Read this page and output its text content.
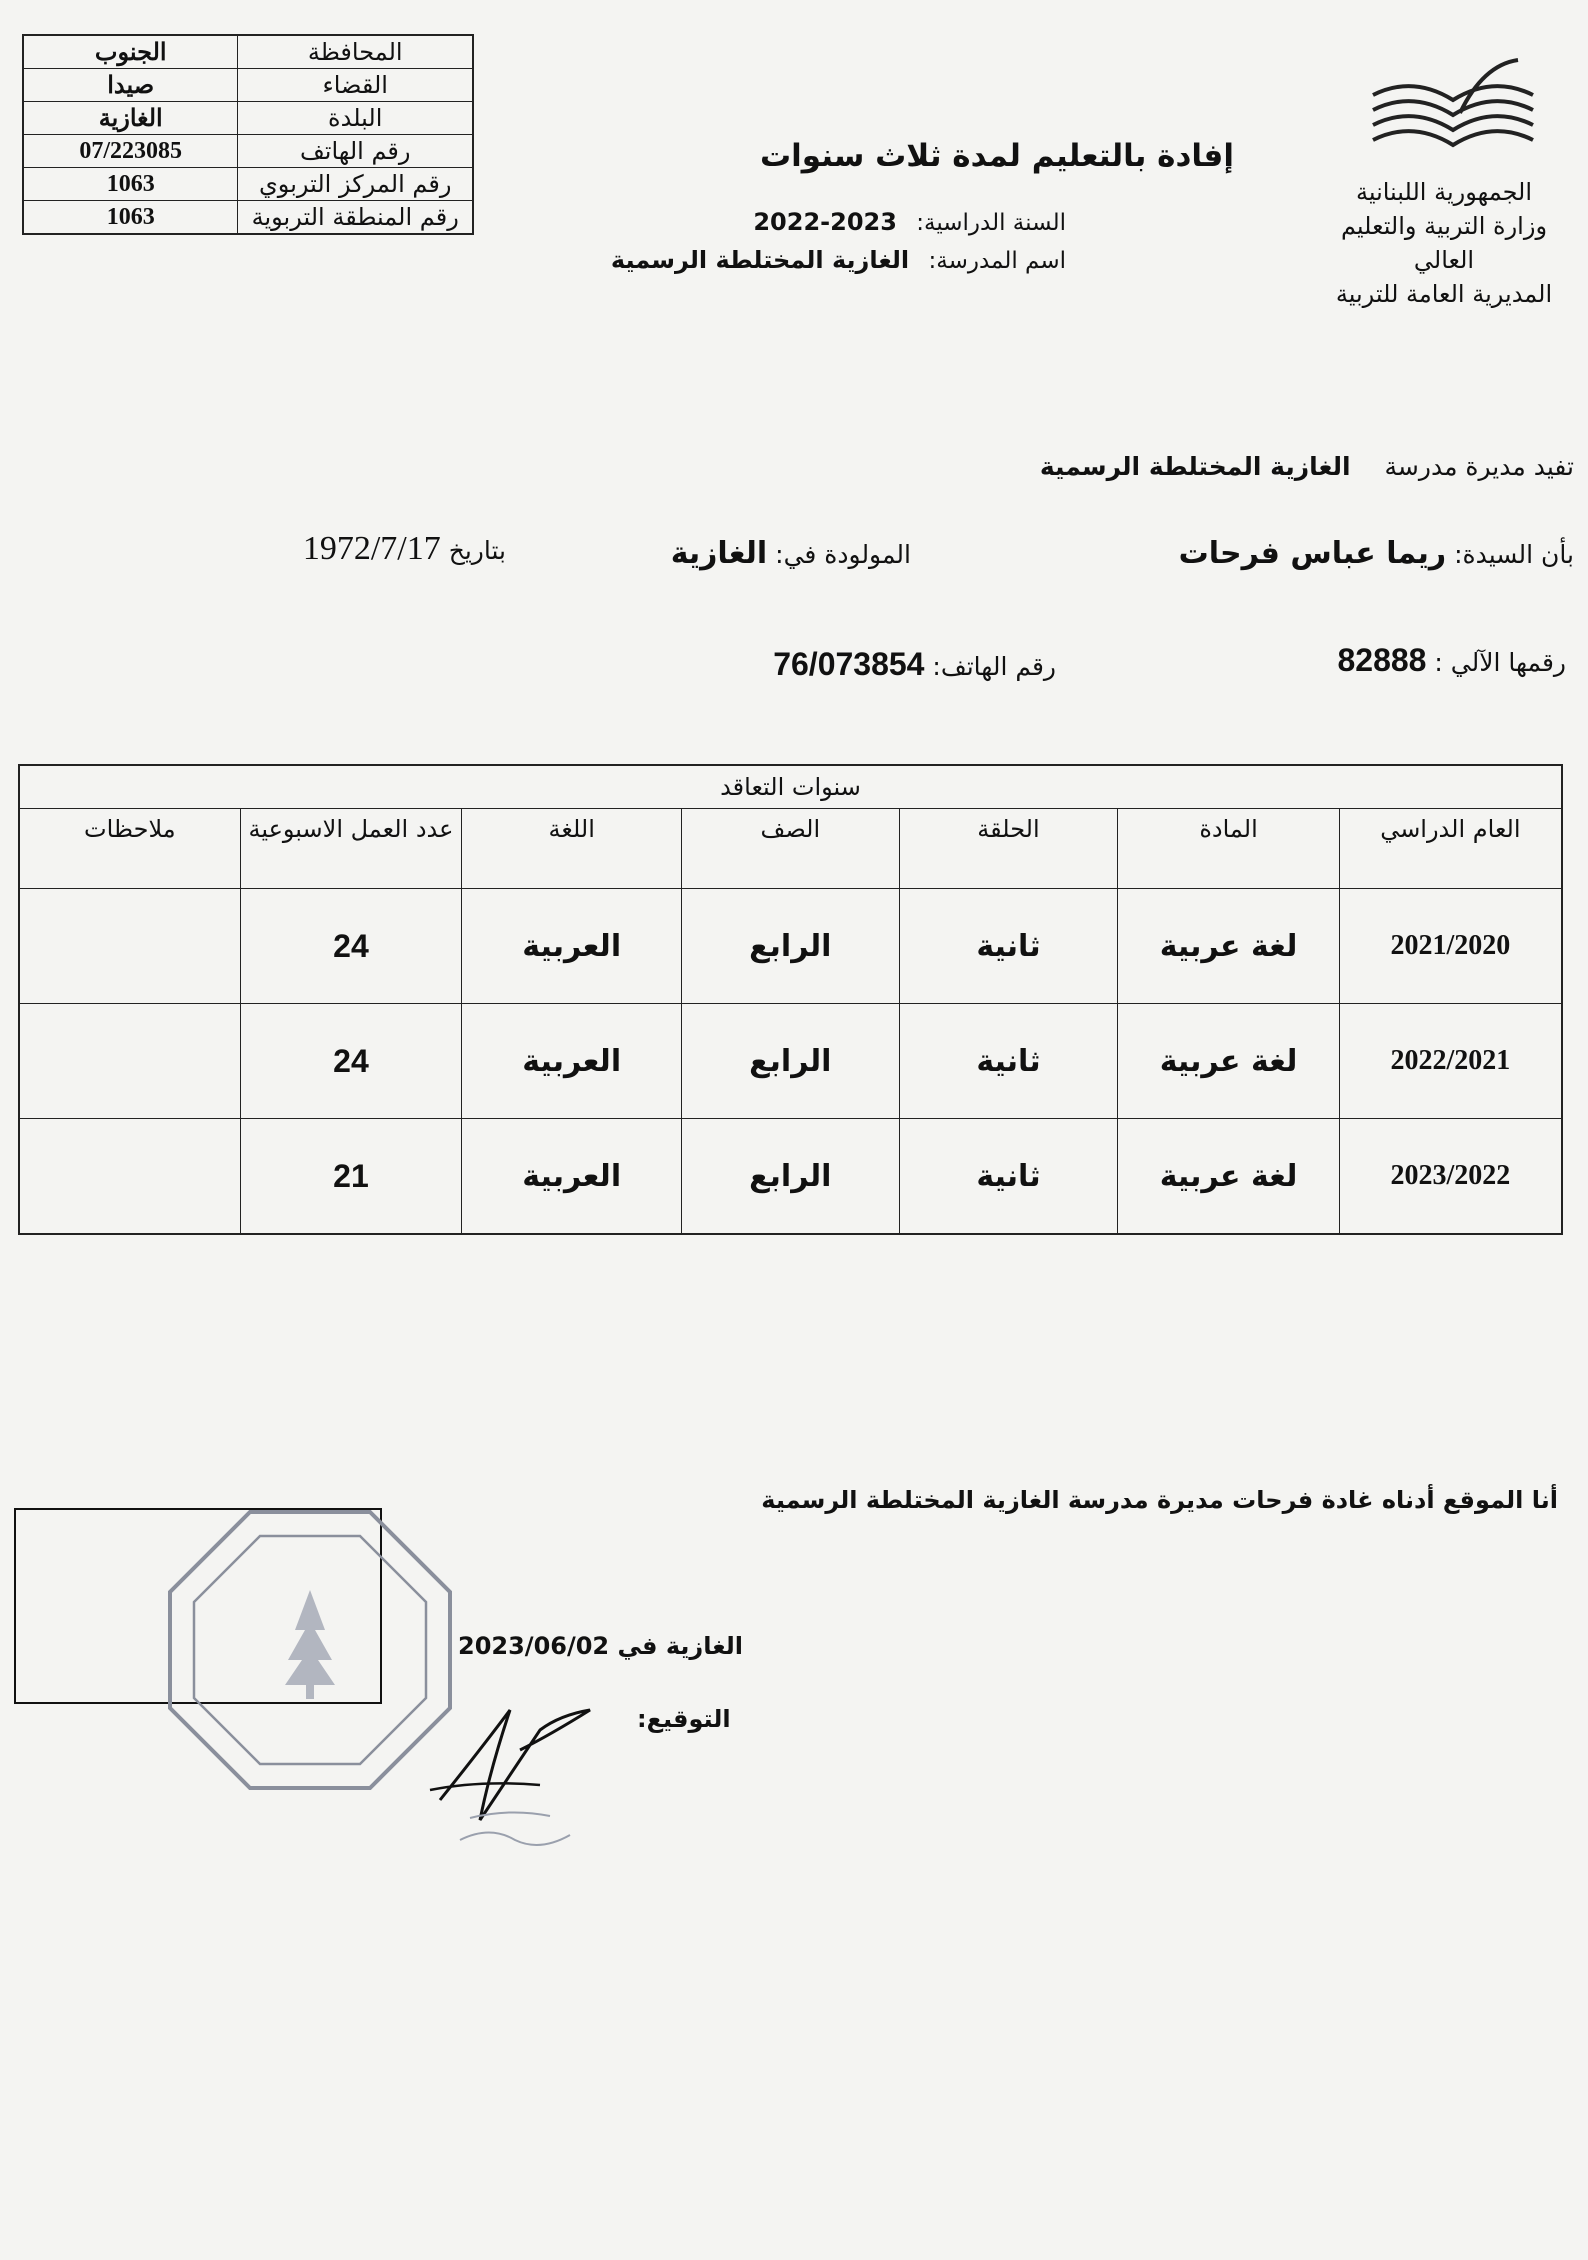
الجنوب	المحافظة
صيدا	القضاء
الغازية	البلدة
07/223085	رقم الهاتف
1063	رقم المركز التربوي
1063	رقم المنطقة التربوية
الجمهورية اللبنانية
وزارة التربية والتعليم العالي
المديرية العامة للتربية
إفادة بالتعليم لمدة ثلاث سنوات
السنة الدراسية: 2023-2022
اسم المدرسة: الغازية المختلطة الرسمية
تفيد مديرة مدرسة الغازية المختلطة الرسمية
بأن السيدة: ريما عباس فرحات
المولودة في: الغازية
بتاريخ 1972/7/17
رقمها الآلي : 82888
رقم الهاتف: 76/073854
سنوات التعاقد						
العام الدراسي	المادة	الحلقة	الصف	اللغة	عدد العمل الاسبوعية	ملاحظات
2021/2020	لغة عربية	ثانية	الرابع	العربية	24	
2022/2021	لغة عربية	ثانية	الرابع	العربية	24	
2023/2022	لغة عربية	ثانية	الرابع	العربية	21	
أنا الموقع أدناه غادة فرحات مديرة مدرسة الغازية المختلطة الرسمية
الغازية في 2023/06/02
التوقيع:
